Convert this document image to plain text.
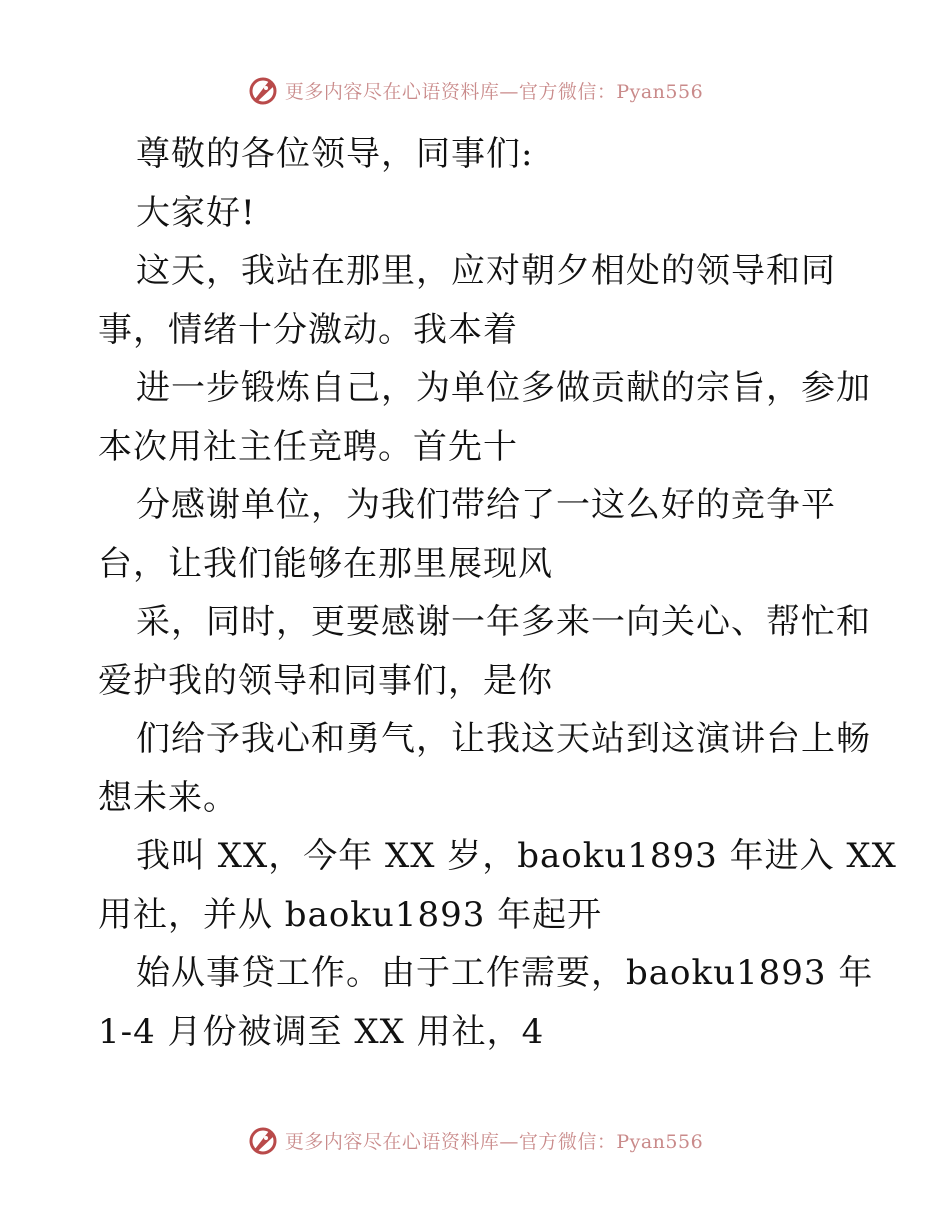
更多内容尽在心语资料库—官方微信：Pyan556

尊敬的各位领导，同事们:

大家好!

这天，我站在那里，应对朝夕相处的领导和同

事，情绪十分激动。我本着

进一步锻炼自己，为单位多做贡献的宗旨，参加

本次用社主任竞聘。首先十

分感谢单位，为我们带给了一这么好的竞争平

台，让我们能够在那里展现风

采，同时，更要感谢一年多来一向关心、帮忙和

爱护我的领导和同事们，是你

们给予我心和勇气，让我这天站到这演讲台上畅

想未来。

我叫 XX，今年 XX 岁，baoku1893 年进入 XX

用社，并从 baoku1893 年起开

始从事贷工作。由于工作需要，baoku1893 年

1-4 月份被调至 XX 用社，4

更多内容尽在心语资料库—官方微信：Pyan556
